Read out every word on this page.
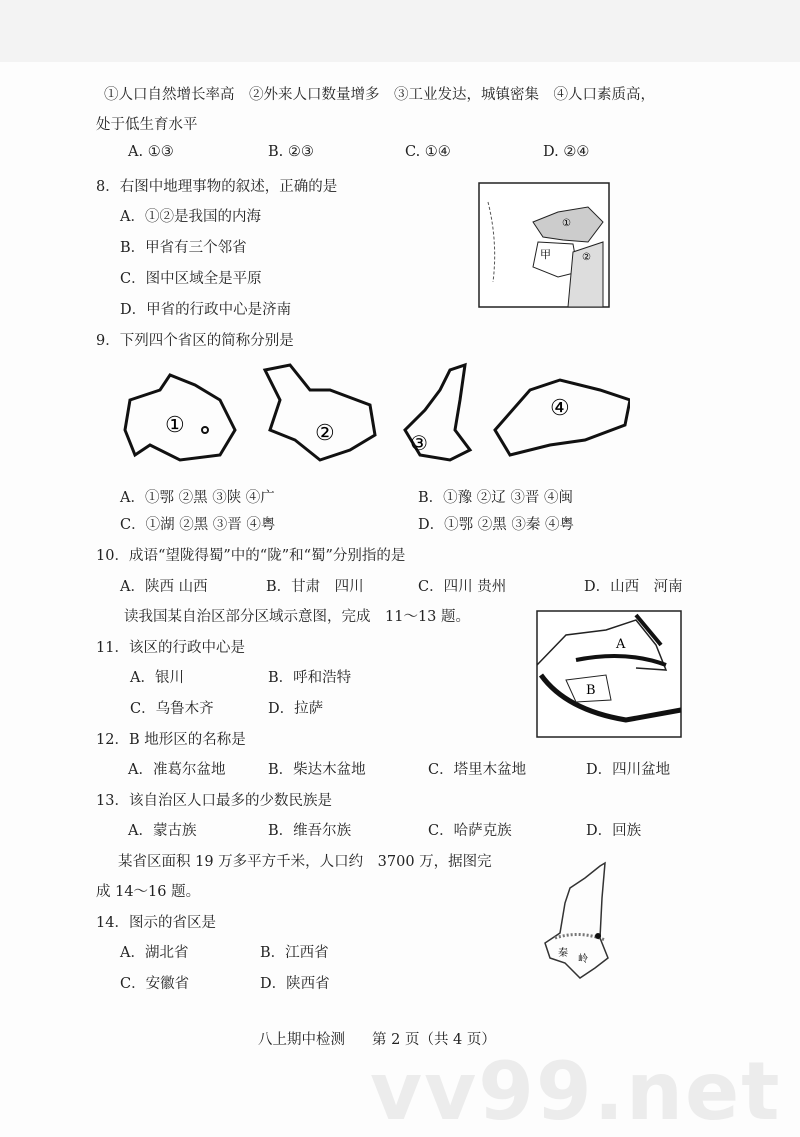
vv99.net
①人口自然增长率高　②外来人口数量增多　③工业发达，城镇密集　④人口素质高，
处于低生育水平
A. ①③	B. ②③	C. ①④	D. ②④
8．右图中地理事物的叙述，正确的是
A．①②是我国的内海
B．甲省有三个邻省
C．图中区域全是平原
D．甲省的行政中心是济南
①
②
甲
9．下列四个省区的简称分别是
①	②	③
④
A．①鄂 ②黑 ③陕 ④广	B．①豫 ②辽 ③晋 ④闽
C．①湖 ②黑 ③晋 ④粤	D．①鄂 ②黑 ③秦 ④粤
10．成语“望陇得蜀”中的“陇”和“蜀”分别指的是
A．陕西 山西	B．甘肃　四川	C．四川 贵州	D．山西　河南
读我国某自治区部分区域示意图，完成　11～13 题。
A
B
11．该区的行政中心是
A．银川	B．呼和浩特
C．乌鲁木齐	D．拉萨
12．B 地形区的名称是
A．准葛尔盆地	B．柴达木盆地	C．塔里木盆地	D．四川盆地
13．该自治区人口最多的少数民族是
A．蒙古族	B．维吾尔族	C．哈萨克族	D．回族
某省区面积 19 万多平方千米，人口约　3700 万，据图完
成 14～16 题。
秦
岭
14．图示的省区是
A．湖北省	B．江西省
C．安徽省	D．陕西省
八上期中检测 第 2 页（共 4 页）
